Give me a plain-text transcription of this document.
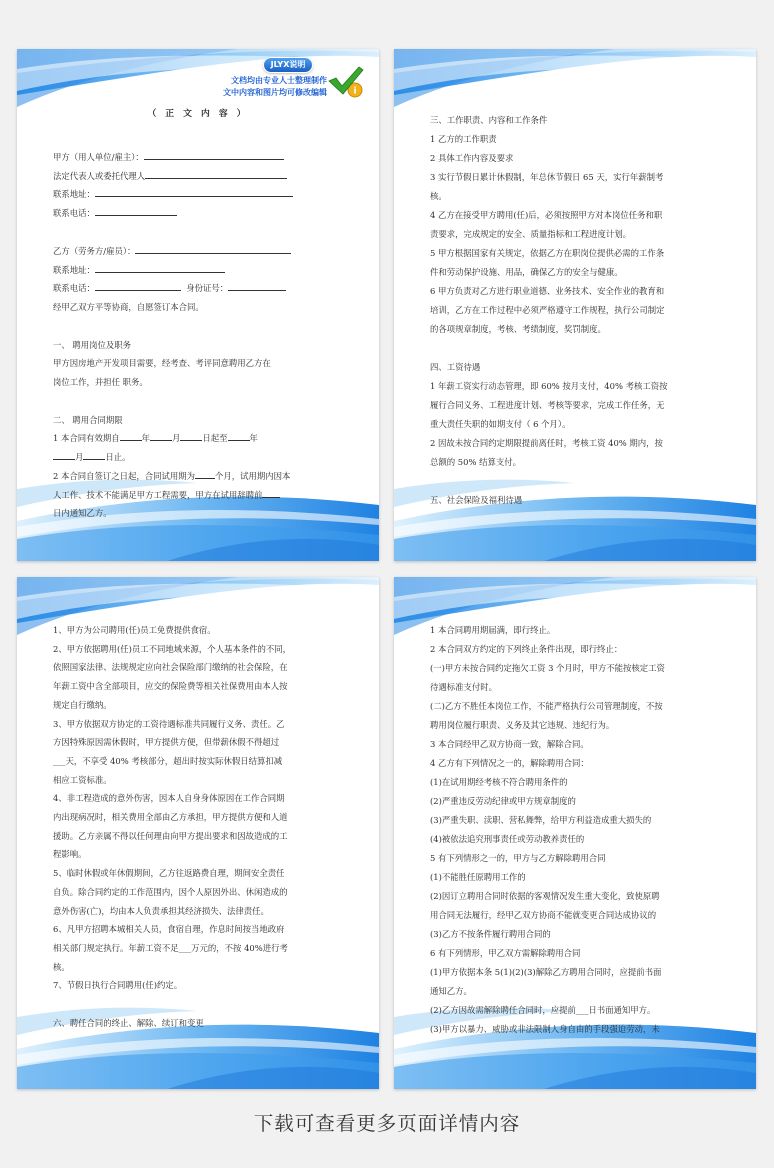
JLYX说明
文档均由专业人士整理制作
文中内容和图片均可修改编辑	i
（ 正 文 内 容 ）
甲方（用人单位/雇主）：
法定代表人或委托代理人
联系地址：
联系电话：
乙方（劳务方/雇员）：
联系地址：
联系电话：	身份证号：
经甲乙双方平等协商，自愿签订本合同。
一、 聘用岗位及职务
甲方因房地产开发项目需要，经考查、考评同意聘用乙方在
岗位工作，并担任 职务。
二、 聘用合同期限
1 本合同有效期自	年	月	日起至	年
月	日止。
2 本合同自签订之日起，合同试用期为 个月，试用期内因本
人工作、技术不能满足甲方工程需要，甲方在试用辞聘前
日内通知乙方。
三、工作职责、内容和工作条件
1 乙方的工作职责
2 具体工作内容及要求
3 实行节假日累计休假制，年总休节假日 65 天，实行年薪制考
核。
4 乙方在接受甲方聘用(任)后，必须按照甲方对本岗位任务和职
责要求，完成规定的安全、质量指标和工程进度计划。
5 甲方根据国家有关规定，依据乙方在职岗位提供必需的工作条
件和劳动保护设施、用品，确保乙方的安全与健康。
6 甲方负责对乙方进行职业道德、业务技术、安全作业的教育和
培训，乙方在工作过程中必须严格遵守工作规程，执行公司制定
的各项规章制度，考核、考绩制度，奖罚制度。
四、工资待遇
1 年薪工资实行动态管理，即 60% 按月支付，40% 考核工资按
履行合同义务、工程进度计划、考核等要求，完成工作任务，无
重大责任失职的如期支付（ 6 个月）。
2 因故未按合同约定期限提前离任时，考核工资 40% 期内，按
总额的 50% 结算支付。
五、社会保险及福利待遇
1、甲方为公司聘用(任)员工免费提供食宿。
2、甲方依据聘用(任)员工不同地域来源，个人基本条件的不同，
依照国家法律、法规规定应向社会保险部门缴纳的社会保险，在
年薪工资中含全部项目，应交的保险费等相关社保费用由本人按
规定自行缴纳。
3、甲方依据双方协定的工资待遇标准共同履行义务、责任。乙
方因特殊原因需休假时，甲方提供方便，但带薪休假不得超过
___天，不享受 40% 考核部分，超出时按实际休假日结算扣减
相应工资标准。
4、非工程造成的意外伤害，因本人自身身体原因在工作合同期
内出现病况时，相关费用全部由乙方承担，甲方提供方便和人道
援助。乙方亲属不得以任何理由向甲方提出要求和因故造成的工
程影响。
5、临时休假或年休假期间，乙方往返路费自理，期间安全责任
自负。除合同约定的工作范围内，因个人原因外出、休闲造成的
意外伤害(亡)，均由本人负责承担其经济损失、法律责任。
6、凡甲方招聘本城相关人员，食宿自理，作息时间按当地政府
相关部门规定执行。年薪工资不足___万元的，不按 40%进行考
核。
7、节假日执行合同聘用(任)约定。
六、聘任合同的终止、解除、续订和变更
1 本合同聘用期届满，即行终止。
2 本合同双方约定的下列终止条件出现，即行终止：
(一)甲方未按合同约定拖欠工资 3 个月时，甲方不能按核定工资
待遇标准支付时。
(二)乙方不胜任本岗位工作，不能严格执行公司管理制度，不按
聘用岗位履行职责、义务及其它违规、违纪行为。
3 本合同经甲乙双方协商一致，解除合同。
4 乙方有下列情况之一的，解除聘用合同：
(1)在试用期经考核不符合聘用条件的
(2)严重违反劳动纪律或甲方规章制度的
(3)严重失职、渎职、营私舞弊，给甲方利益造成重大损失的
(4)被依法追究刑事责任或劳动教养责任的
5 有下列情形之一的，甲方与乙方解除聘用合同
(1)不能胜任原聘用工作的
(2)因订立聘用合同时依据的客观情况发生重大变化，致使原聘
用合同无法履行，经甲乙双方协商不能就变更合同达成协议的
(3)乙方不按条件履行聘用合同的
6 有下列情形，甲乙双方需解除聘用合同
(1)甲方依据本条 5(1)(2)(3)解除乙方聘用合同时，应提前书面
通知乙方。
(2)乙方因故需解除聘任合同时，应提前___日书面通知甲方。
(3)甲方以暴力、威胁或非法限制人身自由的手段强迫劳动，未
下载可查看更多页面详情内容
